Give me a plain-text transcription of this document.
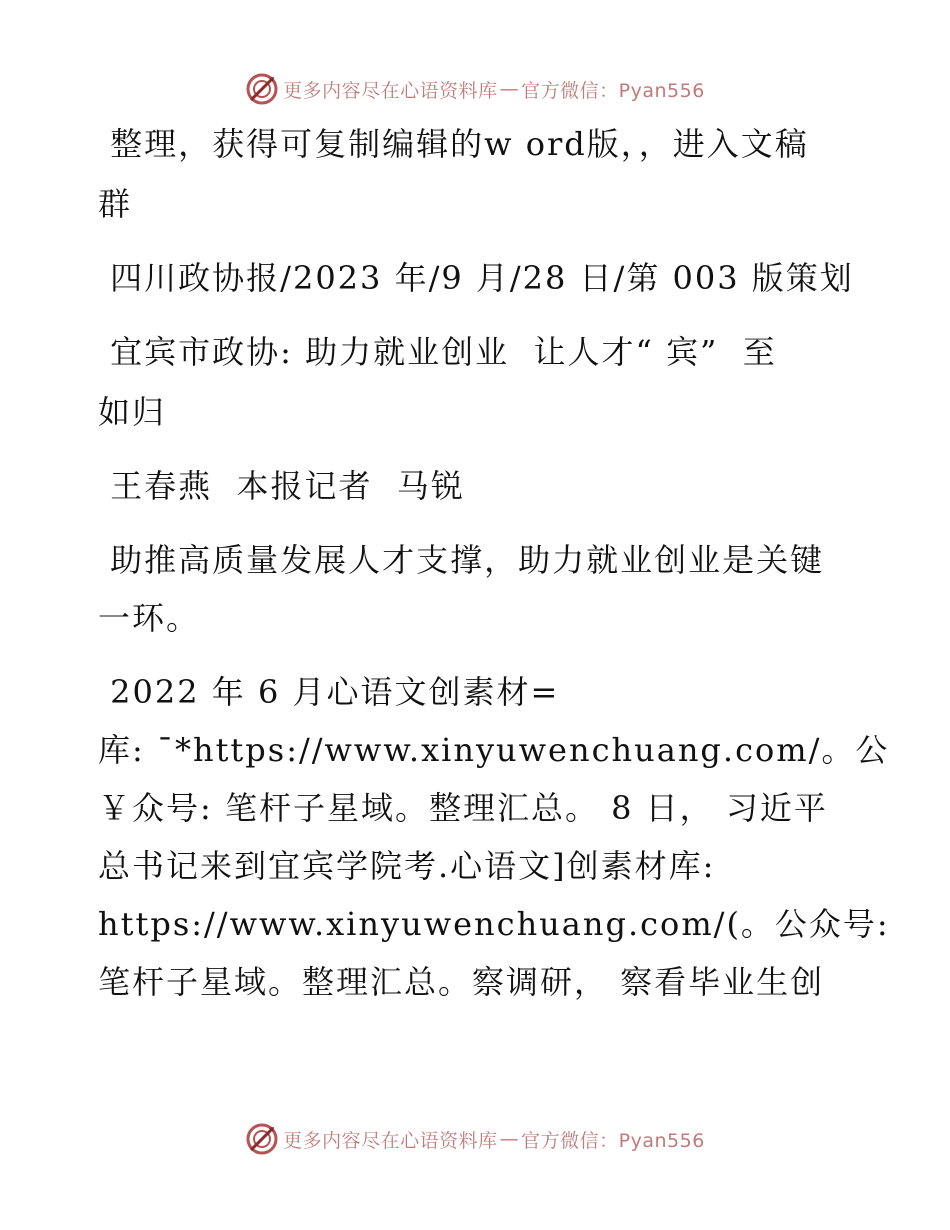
更多内容尽在心语资料库 — 官方微信：Pyan556
整理，获得可复制编辑的w ord版，，进入文稿
群
四川政协报/2023 年/9 月/28 日/第 003 版策划
宜宾市政协: 助力就业创业  让人才“ 宾”  至
如归
王春燕  本报记者  马锐
助推高质量发展人才支撑，助力就业创业是关键
一环。
2022 年 6 月心语文创素材=
库: ¯*https://www.xinyuwenchuang.com/。公
￥众号: 笔杆子星域。整理汇总。 8 日， 习近平
总书记来到宜宾学院考.心语文]创素材库:
https://www.xinyuwenchuang.com/(。公众号:
笔杆子星域。整理汇总。察调研， 察看毕业生创
更多内容尽在心语资料库 — 官方微信：Pyan556
